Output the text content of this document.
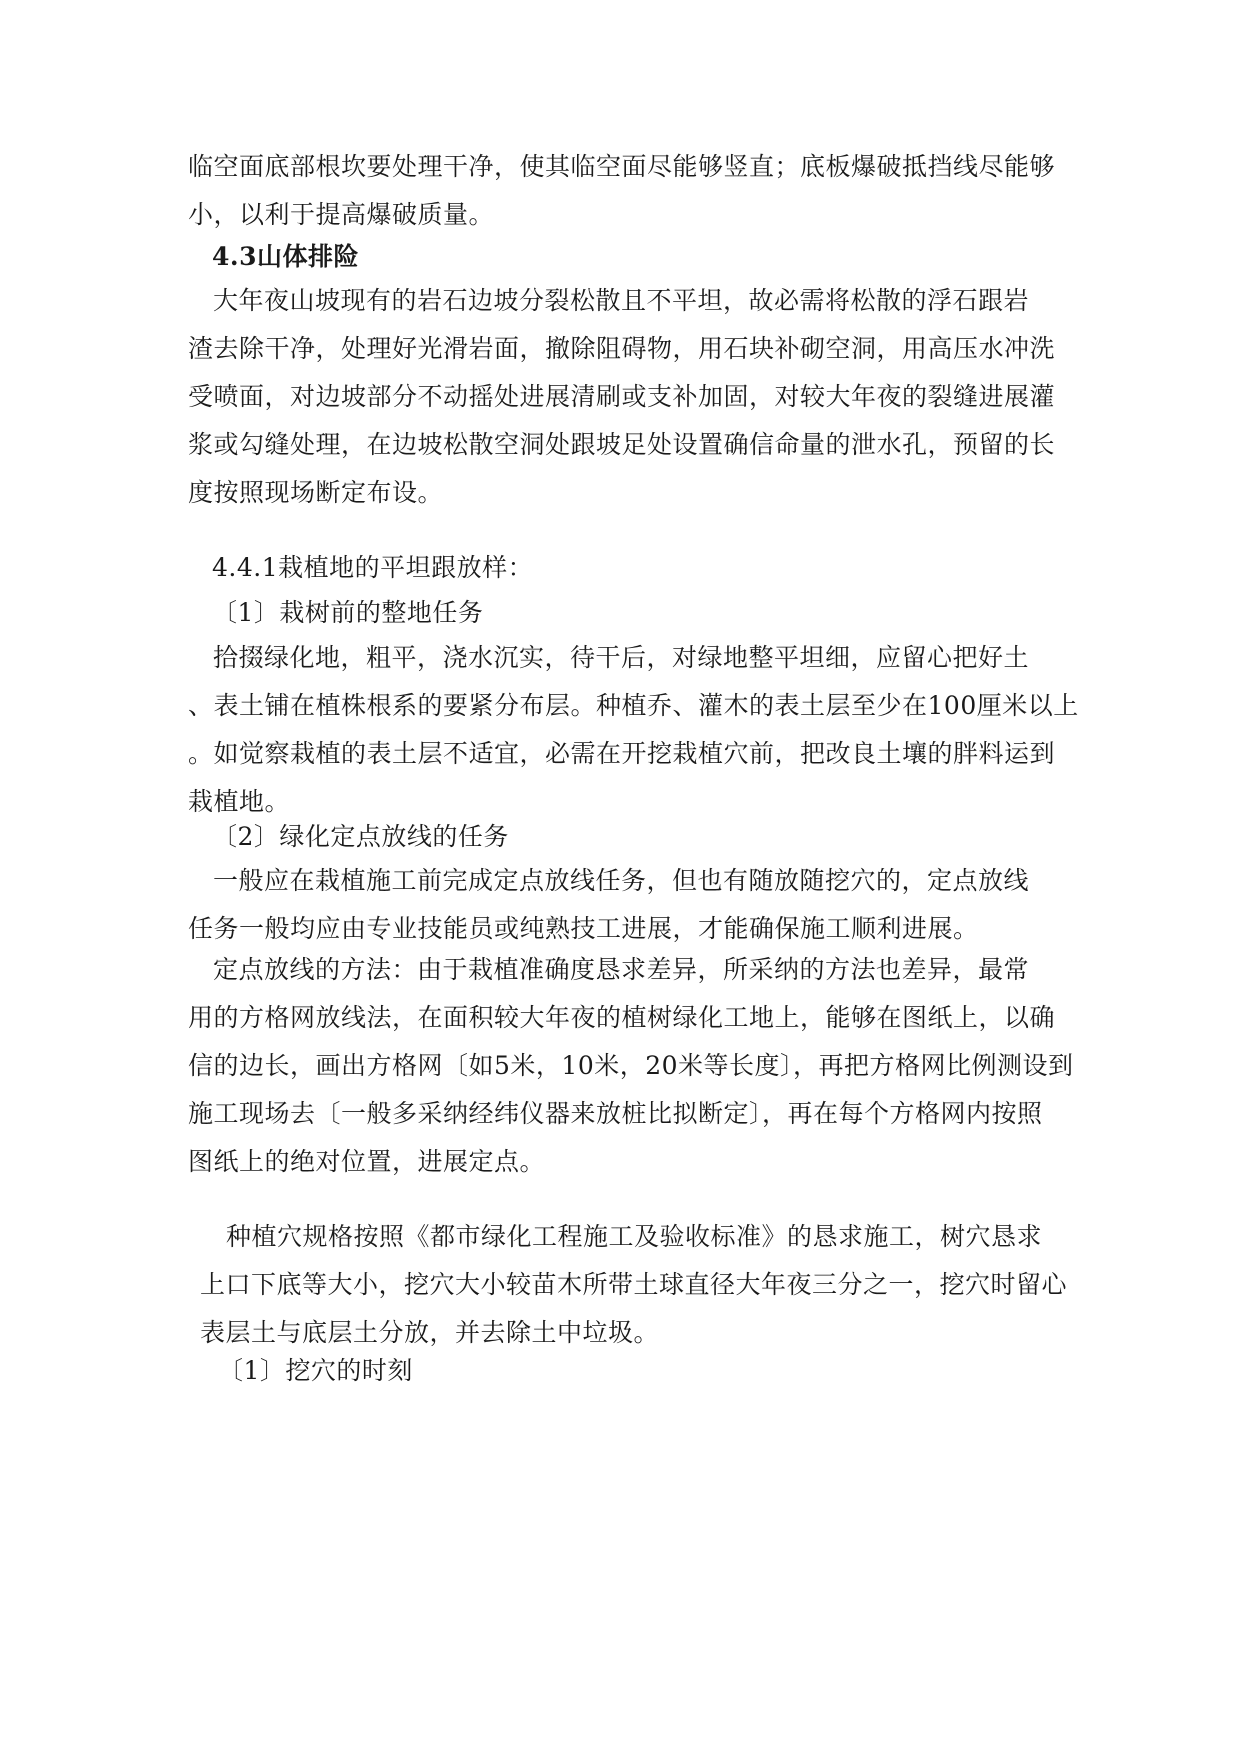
临空面底部根坎要处理干净，使其临空面尽能够竖直；底板爆破抵挡线尽能够
小，以利于提高爆破质量。
4.3山体排险
大年夜山坡现有的岩石边坡分裂松散且不平坦，故必需将松散的浮石跟岩
渣去除干净，处理好光滑岩面，撤除阻碍物，用石块补砌空洞，用高压水冲洗
受喷面，对边坡部分不动摇处进展清刷或支补加固，对较大年夜的裂缝进展灌
浆或勾缝处理，在边坡松散空洞处跟坡足处设置确信命量的泄水孔，预留的长
度按照现场断定布设。
4.4.1栽植地的平坦跟放样：
〔1〕栽树前的整地任务
拾掇绿化地，粗平，浇水沉实，待干后，对绿地整平坦细，应留心把好土
、表土铺在植株根系的要紧分布层。种植乔、灌木的表土层至少在100厘米以上
。如觉察栽植的表土层不适宜，必需在开挖栽植穴前，把改良土壤的胖料运到
栽植地。
〔2〕绿化定点放线的任务
一般应在栽植施工前完成定点放线任务，但也有随放随挖穴的，定点放线
任务一般均应由专业技能员或纯熟技工进展，才能确保施工顺利进展。
定点放线的方法：由于栽植准确度恳求差异，所采纳的方法也差异，最常
用的方格网放线法，在面积较大年夜的植树绿化工地上，能够在图纸上，以确
信的边长，画出方格网〔如5米，10米，20米等长度〕，再把方格网比例测设到
施工现场去〔一般多采纳经纬仪器来放桩比拟断定〕，再在每个方格网内按照
图纸上的绝对位置，进展定点。
种植穴规格按照《都市绿化工程施工及验收标准》的恳求施工，树穴恳求
上口下底等大小，挖穴大小较苗木所带土球直径大年夜三分之一，挖穴时留心
表层土与底层土分放，并去除土中垃圾。
〔1〕挖穴的时刻
